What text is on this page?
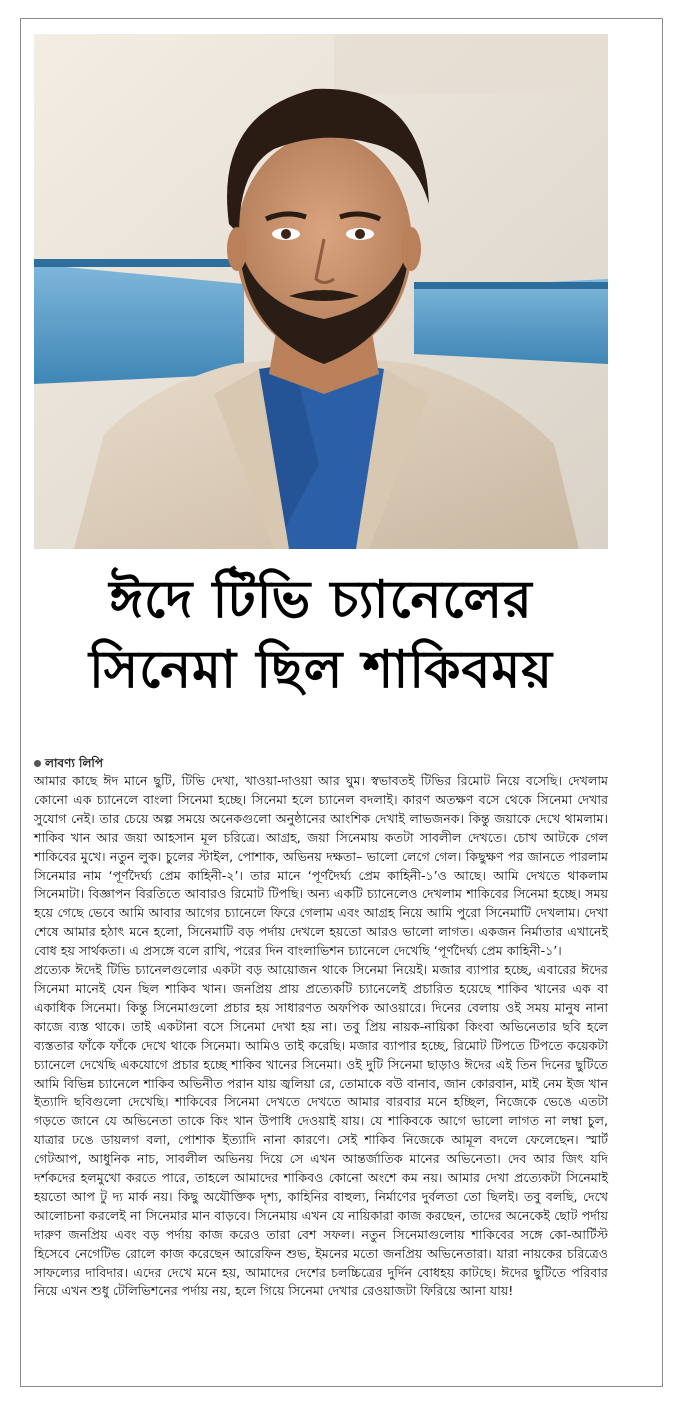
ঈদে টিভি চ্যানেলের
সিনেমা ছিল শাকিবময়
লাবণ্য লিপি

আমার কাছে ঈদ মানে ছুটি, টিভি দেখা, খাওয়া-দাওয়া আর ঘুম। স্বভাবতই টিভির রিমোট নিয়ে বসেছি। দেখলাম কোনো এক চ্যানেলে বাংলা সিনেমা হচ্ছে। সিনেমা হলে চ্যানেল বদলাই। কারণ অতক্ষণ বসে থেকে সিনেমা দেখার সুযোগ নেই। তার চেয়ে অল্প সময়ে অনেকগুলো অনুষ্ঠানের আংশিক দেখাই লাভজনক। কিন্তু জয়াকে দেখে থামলাম। শাকিব খান আর জয়া আহসান মূল চরিত্রে। আগ্রহ, জয়া সিনেমায় কতটা সাবলীল দেখতে। চোখ আটকে গেল শাকিবের মুখে। নতুন লুক। চুলের স্টাইল, পোশাক, অভিনয় দক্ষতা– ভালো লেগে গেল। কিছুক্ষণ পর জানতে পারলাম সিনেমার নাম ‘পূর্ণদৈর্ঘ্য প্রেম কাহিনী-২’। তার মানে ‘পূর্ণদৈর্ঘ্য প্রেম কাহিনী-১’ও আছে। আমি দেখতে থাকলাম সিনেমাটা। বিজ্ঞাপন বিরতিতে আবারও রিমোট টিপছি। অন্য একটি চ্যানেলেও দেখলাম শাকিবের সিনেমা হচ্ছে। সময় হয়ে গেছে ভেবে আমি আবার আগের চ্যানেলে ফিরে গেলাম এবং আগ্রহ নিয়ে আমি পুরো সিনেমাটি দেখলাম। দেখা শেষে আমার হঠাৎ মনে হলো, সিনেমাটি বড় পর্দায় দেখলে হয়তো আরও ভালো লাগত। একজন নির্মাতার এখানেই বোধ হয় সার্থকতা। এ প্রসঙ্গে বলে রাখি, পরের দিন বাংলাভিশন চ্যানেলে দেখেছি ‘পূর্ণদৈর্ঘ্য প্রেম কাহিনী-১’।

প্রত্যেক ঈদেই টিভি চ্যানেলগুলোর একটা বড় আয়োজন থাকে সিনেমা নিয়েই। মজার ব্যাপার হচ্ছে, এবারের ঈদের সিনেমা মানেই যেন ছিল শাকিব খান। জনপ্রিয় প্রায় প্রত্যেকটি চ্যানেলেই প্রচারিত হয়েছে শাকিব খানের এক বা একাধিক সিনেমা। কিন্তু সিনেমাগুলো প্রচার হয় সাধারণত অফপিক আওয়ারে। দিনের বেলায় ওই সময় মানুষ নানা কাজে ব্যস্ত থাকে। তাই একটানা বসে সিনেমা দেখা হয় না। তবু প্রিয় নায়ক-নায়িকা কিংবা অভিনেতার ছবি হলে ব্যস্ততার ফাঁকে ফাঁকে দেখে থাকে সিনেমা। আমিও তাই করেছি। মজার ব্যাপার হচ্ছে, রিমোট টিপতে টিপতে কয়েকটা চ্যানেলে দেখেছি একযোগে প্রচার হচ্ছে শাকিব খানের সিনেমা। ওই দুটি সিনেমা ছাড়াও ঈদের এই তিন দিনের ছুটিতে আমি বিভিন্ন চ্যানেলে শাকিব অভিনীত পরান যায় জ্বলিয়া রে, তোমাকে বউ বানাব, জান কোরবান, মাই নেম ইজ খান ইত্যাদি ছবিগুলো দেখেছি। শাকিবের সিনেমা দেখতে দেখতে আমার বারবার মনে হচ্ছিল, নিজেকে ভেঙে এতটা গড়তে জানে যে অভিনেতা তাকে কিং খান উপাধি দেওয়াই যায়। যে শাকিবকে আগে ভালো লাগত না লম্বা চুল, যাত্রার ঢঙে ডায়লগ বলা, পোশাক ইত্যাদি নানা কারণে। সেই শাকিব নিজেকে আমূল বদলে ফেলেছেন। স্মার্ট গেটআপ, আধুনিক নাচ, সাবলীল অভিনয় দিয়ে সে এখন আন্তর্জাতিক মানের অভিনেতা। দেব আর জিৎ যদি দর্শকদের হলমুখো করতে পারে, তাহলে আমাদের শাকিবও কোনো অংশে কম নয়। আমার দেখা প্রত্যেকটা সিনেমাই হয়তো আপ টু দ্য মার্ক নয়। কিছু অযৌক্তিক দৃশ্য, কাহিনির বাহুল্য, নির্মাণের দুর্বলতা তো ছিলই। তবু বলছি, দেখে আলোচনা করলেই না সিনেমার মান বাড়বে। সিনেমায় এখন যে নায়িকারা কাজ করছেন, তাদের অনেকেই ছোট পর্দায় দারুণ জনপ্রিয় এবং বড় পর্দায় কাজ করেও তারা বেশ সফল। নতুন সিনেমাগুলোয় শাকিবের সঙ্গে কো-আর্টিস্ট হিসেবে নেগেটিভ রোলে কাজ করেছেন আরেফিন শুভ, ইমনের মতো জনপ্রিয় অভিনেতারা। যারা নায়কের চরিত্রেও সাফল্যের দাবিদার। এদের দেখে মনে হয়, আমাদের দেশের চলচ্চিত্রের দুর্দিন বোধহয় কাটছে। ঈদের ছুটিতে পরিবার নিয়ে এখন শুধু টেলিভিশনের পর্দায় নয়, হলে গিয়ে সিনেমা দেখার রেওয়াজটা ফিরিয়ে আনা যায়!
